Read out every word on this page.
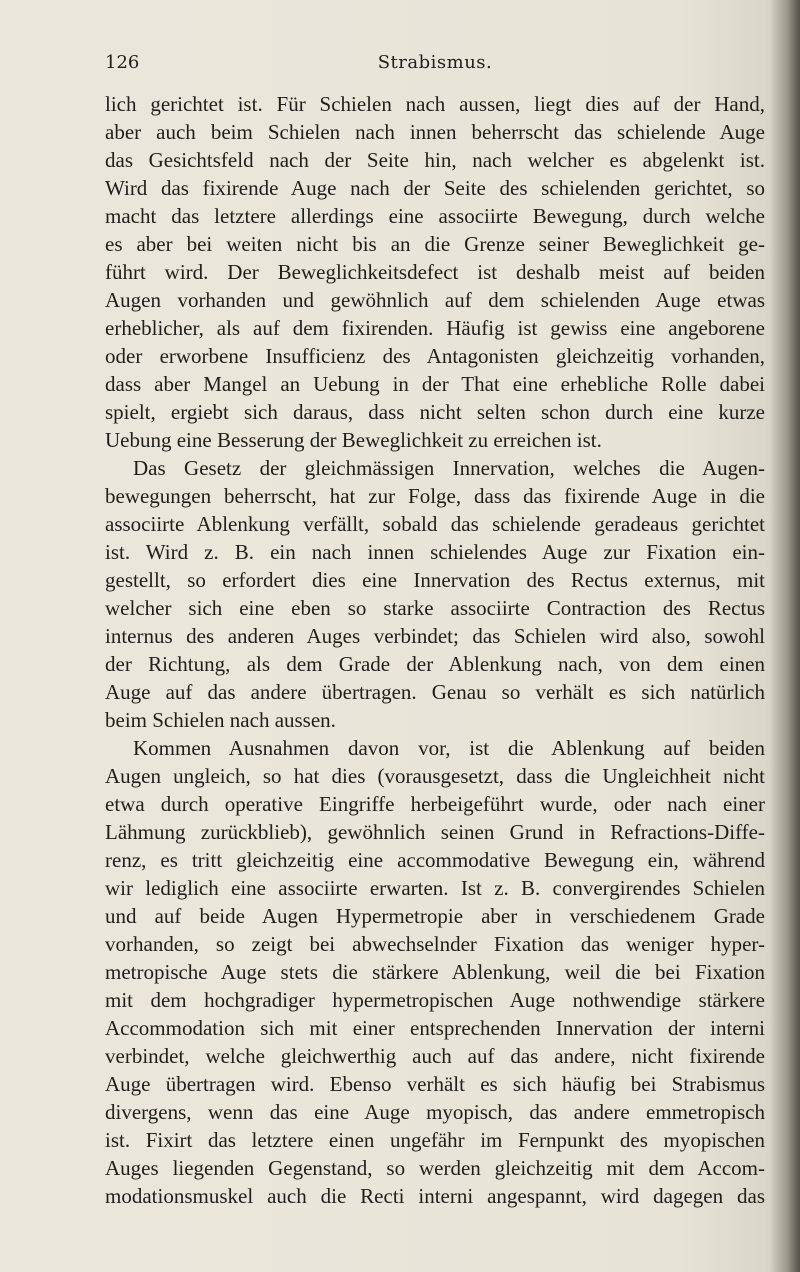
126	Strabismus.
lich gerichtet ist. Für Schielen nach aussen, liegt dies auf der Hand,
aber auch beim Schielen nach innen beherrscht das schielende Auge
das Gesichtsfeld nach der Seite hin, nach welcher es abgelenkt ist.
Wird das fixirende Auge nach der Seite des schielenden gerichtet, so
macht das letztere allerdings eine associirte Bewegung, durch welche
es aber bei weiten nicht bis an die Grenze seiner Beweglichkeit ge-
führt wird. Der Beweglichkeitsdefect ist deshalb meist auf beiden
Augen vorhanden und gewöhnlich auf dem schielenden Auge etwas
erheblicher, als auf dem fixirenden. Häufig ist gewiss eine angeborene
oder erworbene Insufficienz des Antagonisten gleichzeitig vorhanden,
dass aber Mangel an Uebung in der That eine erhebliche Rolle dabei
spielt, ergiebt sich daraus, dass nicht selten schon durch eine kurze
Uebung eine Besserung der Beweglichkeit zu erreichen ist.
Das Gesetz der gleichmässigen Innervation, welches die Augen-
bewegungen beherrscht, hat zur Folge, dass das fixirende Auge in die
associirte Ablenkung verfällt, sobald das schielende geradeaus gerichtet
ist. Wird z. B. ein nach innen schielendes Auge zur Fixation ein-
gestellt, so erfordert dies eine Innervation des Rectus externus, mit
welcher sich eine eben so starke associirte Contraction des Rectus
internus des anderen Auges verbindet; das Schielen wird also, sowohl
der Richtung, als dem Grade der Ablenkung nach, von dem einen
Auge auf das andere übertragen. Genau so verhält es sich natürlich
beim Schielen nach aussen.
Kommen Ausnahmen davon vor, ist die Ablenkung auf beiden
Augen ungleich, so hat dies (vorausgesetzt, dass die Ungleichheit nicht
etwa durch operative Eingriffe herbeigeführt wurde, oder nach einer
Lähmung zurückblieb), gewöhnlich seinen Grund in Refractions-Diffe-
renz, es tritt gleichzeitig eine accommodative Bewegung ein, während
wir lediglich eine associirte erwarten. Ist z. B. convergirendes Schielen
und auf beide Augen Hypermetropie aber in verschiedenem Grade
vorhanden, so zeigt bei abwechselnder Fixation das weniger hyper-
metropische Auge stets die stärkere Ablenkung, weil die bei Fixation
mit dem hochgradiger hypermetropischen Auge nothwendige stärkere
Accommodation sich mit einer entsprechenden Innervation der interni
verbindet, welche gleichwerthig auch auf das andere, nicht fixirende
Auge übertragen wird. Ebenso verhält es sich häufig bei Strabismus
divergens, wenn das eine Auge myopisch, das andere emmetropisch
ist. Fixirt das letztere einen ungefähr im Fernpunkt des myopischen
Auges liegenden Gegenstand, so werden gleichzeitig mit dem Accom-
modationsmuskel auch die Recti interni angespannt, wird dagegen das
